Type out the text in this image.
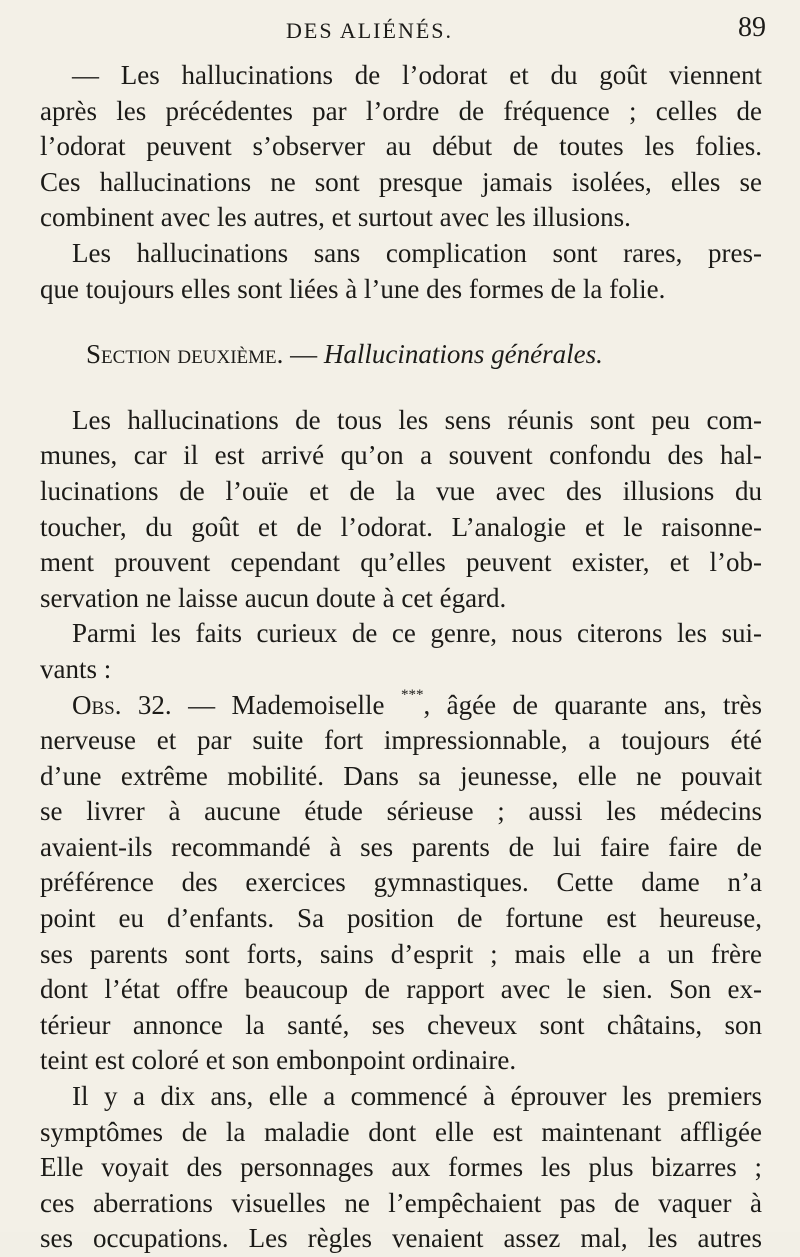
DES ALIÉNÉS.	89
— Les hallucinations de l’odorat et du goût viennent
après les précédentes par l’ordre de fréquence ; celles de
l’odorat peuvent s’observer au début de toutes les folies.
Ces hallucinations ne sont presque jamais isolées, elles se
combinent avec les autres, et surtout avec les illusions.
Les hallucinations sans complication sont rares, pres-
que toujours elles sont liées à l’une des formes de la folie.
Section deuxième. — Hallucinations générales.
Les hallucinations de tous les sens réunis sont peu com-
munes, car il est arrivé qu’on a souvent confondu des hal-
lucinations de l’ouïe et de la vue avec des illusions du
toucher, du goût et de l’odorat. L’analogie et le raisonne-
ment prouvent cependant qu’elles peuvent exister, et l’ob-
servation ne laisse aucun doute à cet égard.
Parmi les faits curieux de ce genre, nous citerons les sui-
vants :
Obs. 32. — Mademoiselle ***, âgée de quarante ans, très
nerveuse et par suite fort impressionnable, a toujours été
d’une extrême mobilité. Dans sa jeunesse, elle ne pouvait
se livrer à aucune étude sérieuse ; aussi les médecins
avaient-ils recommandé à ses parents de lui faire faire de
préférence des exercices gymnastiques. Cette dame n’a
point eu d’enfants. Sa position de fortune est heureuse,
ses parents sont forts, sains d’esprit ; mais elle a un frère
dont l’état offre beaucoup de rapport avec le sien. Son ex-
térieur annonce la santé, ses cheveux sont châtains, son
teint est coloré et son embonpoint ordinaire.
Il y a dix ans, elle a commencé à éprouver les premiers
symptômes de la maladie dont elle est maintenant affligée
Elle voyait des personnages aux formes les plus bizarres ;
ces aberrations visuelles ne l’empêchaient pas de vaquer à
ses occupations. Les règles venaient assez mal, les autres
